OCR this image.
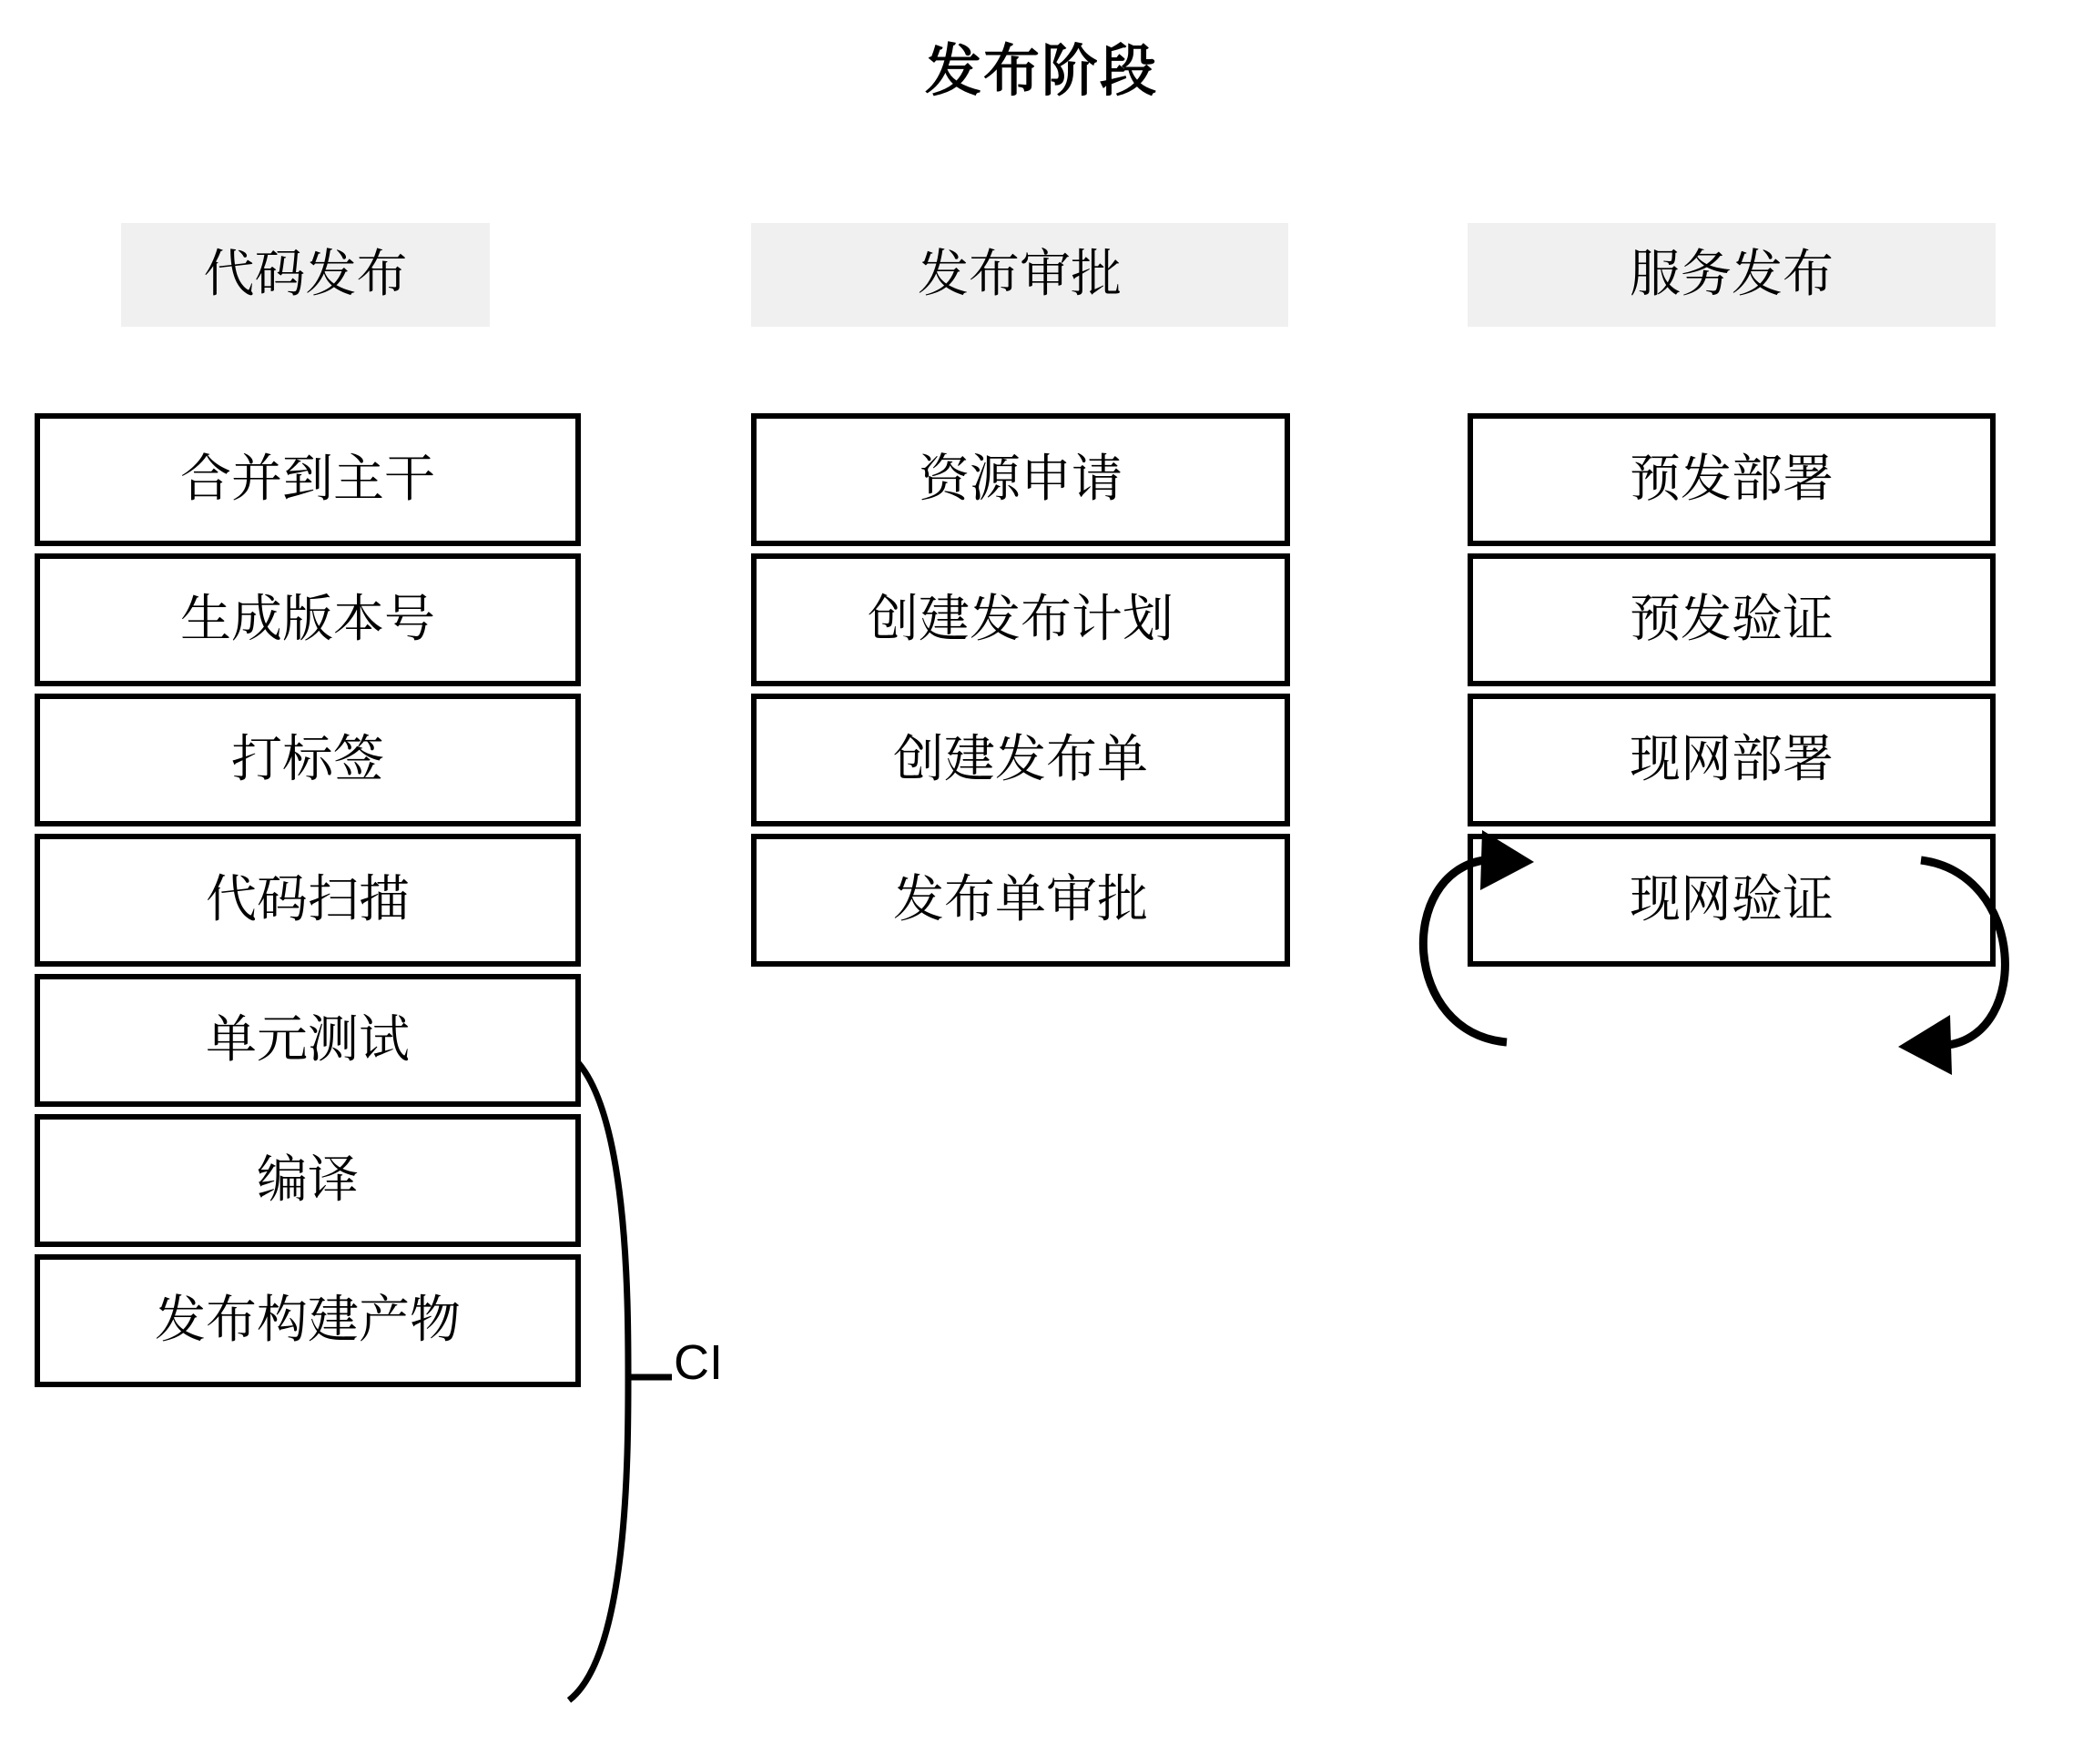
发布阶段
代码发布
合并到主干
生成版本号
打标签
代码扫描
单元测试
编译
发布构建产物
发布审批
资源申请
创建发布计划
创建发布单
发布单审批
服务发布
预发部署
预发验证
现网部署
现网验证
CI
